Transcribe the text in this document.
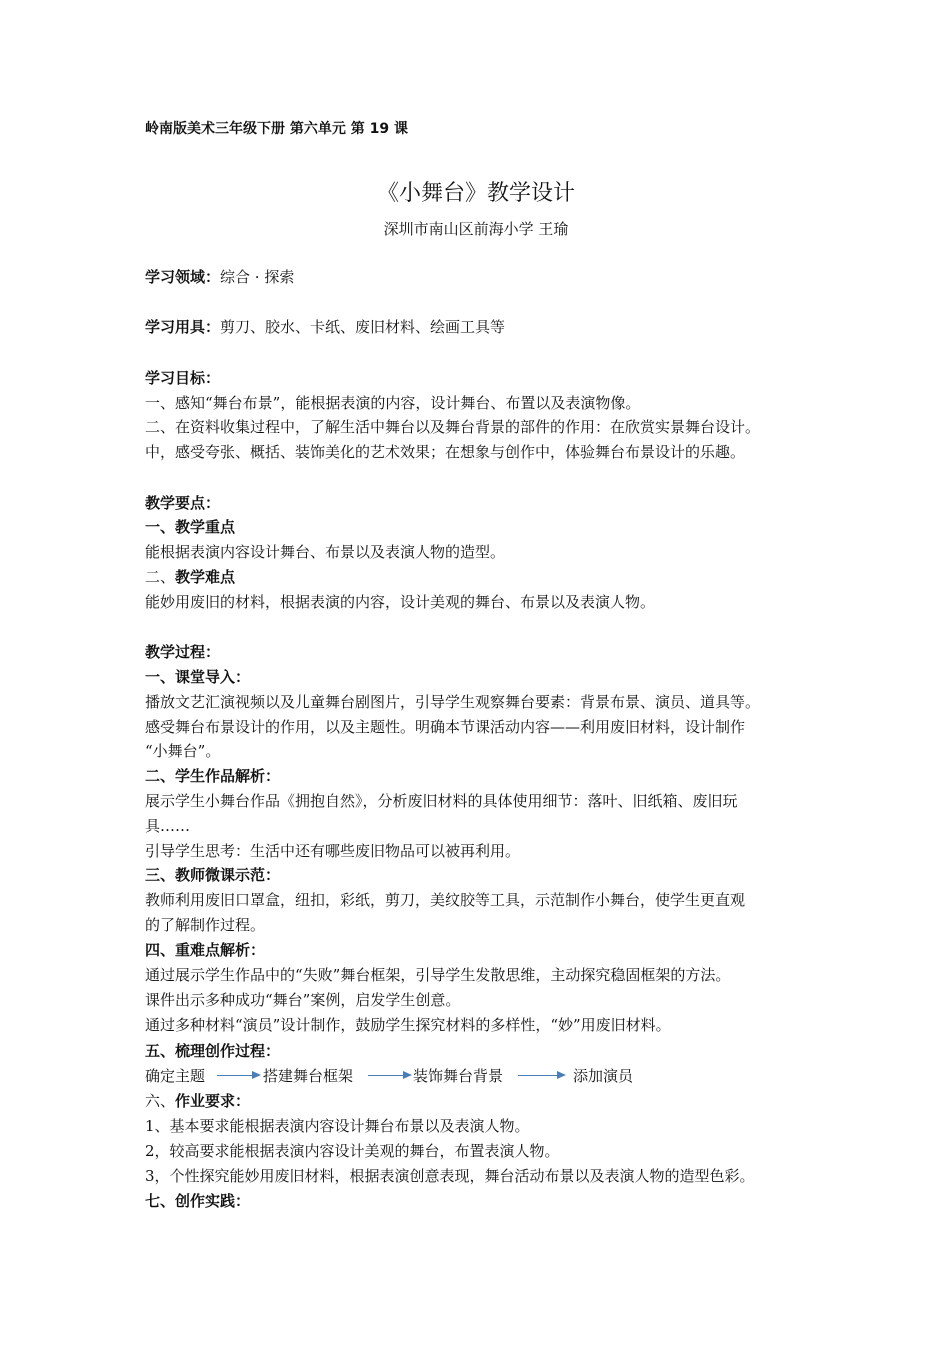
岭南版美术三年级下册 第六单元 第 19 课
《小舞台》教学设计
深圳市南山区前海小学 王瑜
学习领域：综合 · 探索
学习用具：剪刀、胶水、卡纸、废旧材料、绘画工具等
学习目标：
一、感知“舞台布景”，能根据表演的内容，设计舞台、布置以及表演物像。
二、在资料收集过程中，了解生活中舞台以及舞台背景的部件的作用：在欣赏实景舞台设计。
中，感受夸张、概括、装饰美化的艺术效果；在想象与创作中，体验舞台布景设计的乐趣。
教学要点：
一、教学重点
能根据表演内容设计舞台、布景以及表演人物的造型。
二、教学难点
能妙用废旧的材料，根据表演的内容，设计美观的舞台、布景以及表演人物。
教学过程：
一、课堂导入：
播放文艺汇演视频以及儿童舞台剧图片，引导学生观察舞台要素：背景布景、演员、道具等。
感受舞台布景设计的作用，以及主题性。明确本节课活动内容——利用废旧材料，设计制作
“小舞台”。
二、学生作品解析：
展示学生小舞台作品《拥抱自然》，分析废旧材料的具体使用细节：落叶、旧纸箱、废旧玩
具……
引导学生思考：生活中还有哪些废旧物品可以被再利用。
三、教师微课示范：
教师利用废旧口罩盒，纽扣，彩纸，剪刀，美纹胶等工具，示范制作小舞台，使学生更直观
的了解制作过程。
四、重难点解析：
通过展示学生作品中的“失败”舞台框架，引导学生发散思维，主动探究稳固框架的方法。
课件出示多种成功“舞台”案例，启发学生创意。
通过多种材料“演员”设计制作，鼓励学生探究材料的多样性，“妙”用废旧材料。
五、梳理创作过程：
确定主题	搭建舞台框架	装饰舞台背景	添加演员
六、作业要求：
1、基本要求能根据表演内容设计舞台布景以及表演人物。
2，较高要求能根据表演内容设计美观的舞台，布置表演人物。
3，个性探究能妙用废旧材料，根据表演创意表现，舞台活动布景以及表演人物的造型色彩。
七、创作实践：
